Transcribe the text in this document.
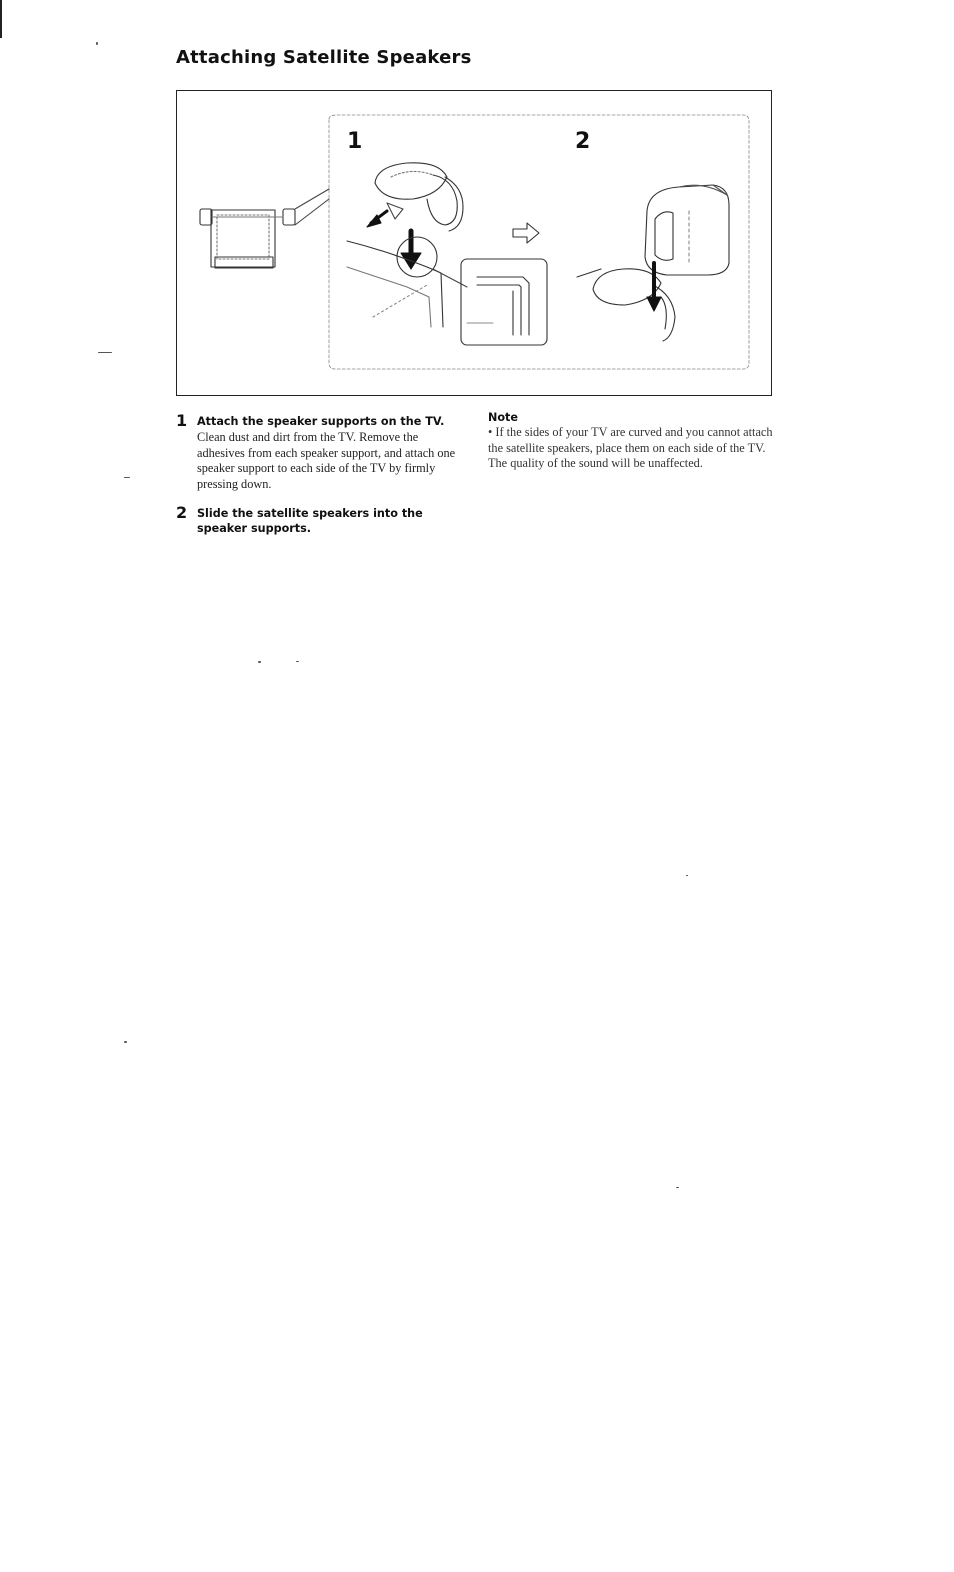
Attaching Satellite Speakers
1	2
1 Attach the speaker supports on the TV.
Clean dust and dirt from the TV. Remove the adhesives from each speaker support, and attach one speaker support to each side of the TV by firmly pressing down.
2 Slide the satellite speakers into the speaker supports.
Note
• If the sides of your TV are curved and you cannot attach the satellite speakers, place them on each side of the TV. The quality of the sound will be unaffected.
